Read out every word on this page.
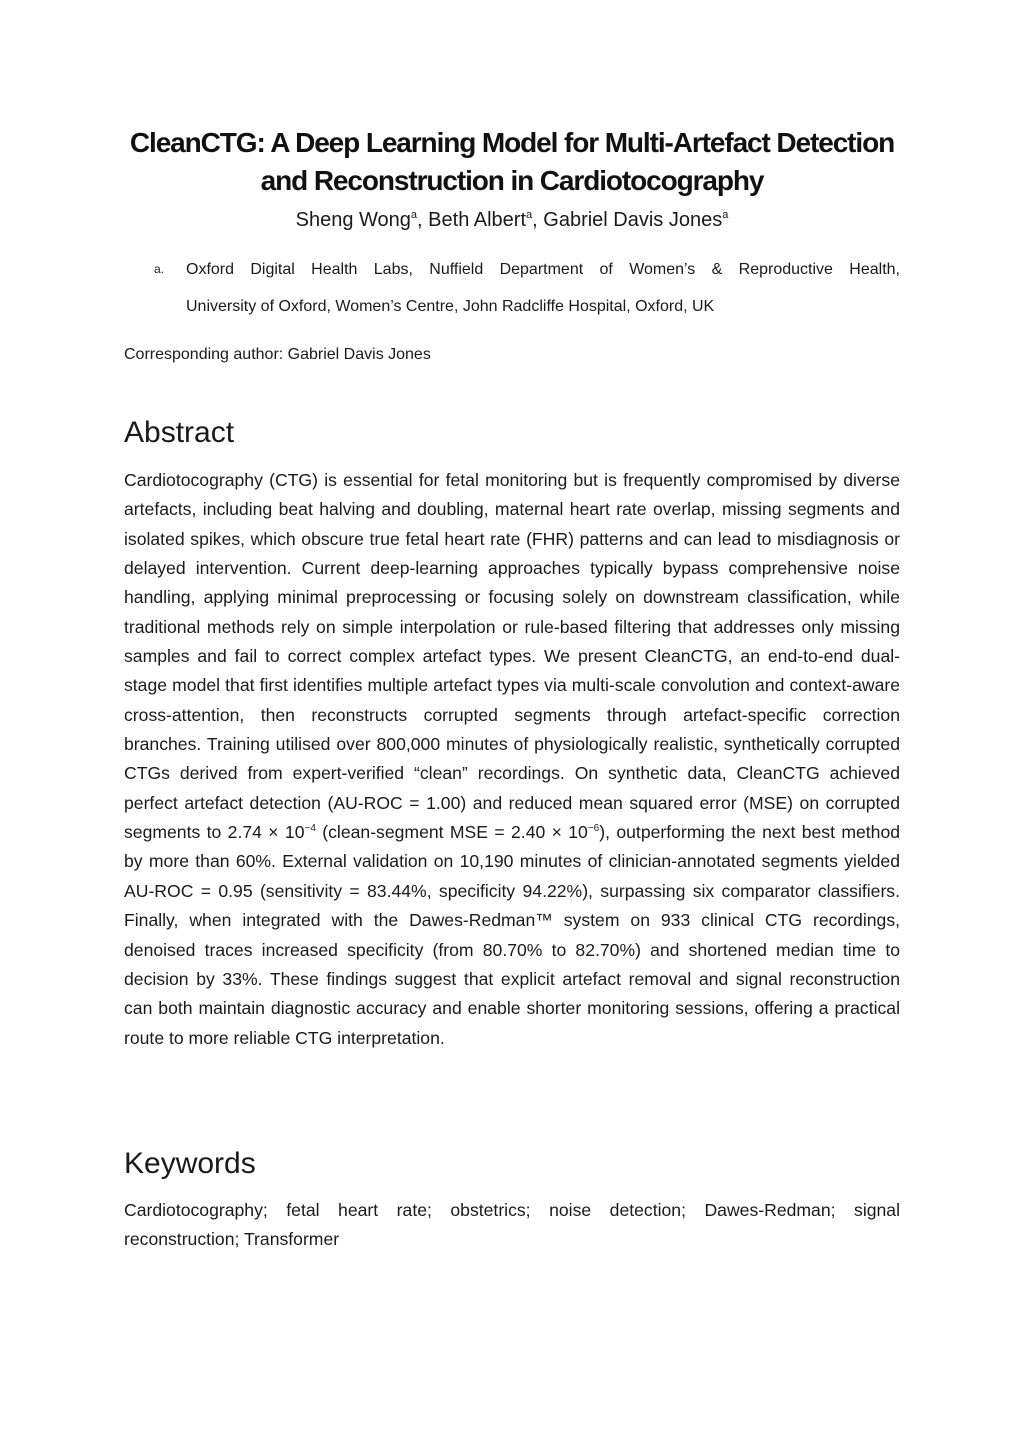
CleanCTG: A Deep Learning Model for Multi-Artefact Detection
and Reconstruction in Cardiotocography
Sheng Wong$^a$, Beth Albert$^a$, Gabriel Davis Jones$^a$
a. Oxford Digital Health Labs, Nuffield Department of Women’s & Reproductive Health,
University of Oxford, Women’s Centre, John Radcliffe Hospital, Oxford, UK
Corresponding author: Gabriel Davis Jones
Abstract

Cardiotocography (CTG) is essential for fetal monitoring but is frequently compromised by diverse artefacts, including beat halving and doubling, maternal heart rate overlap, missing segments and isolated spikes, which obscure true fetal heart rate (FHR) patterns and can lead to misdiagnosis or delayed intervention. Current deep-learning approaches typically bypass comprehensive noise handling, applying minimal preprocessing or focusing solely on downstream classification, while traditional methods rely on simple interpolation or rule-based filtering that addresses only missing samples and fail to correct complex artefact types. We present CleanCTG, an end-to-end dual-stage model that first identifies multiple artefact types via multi-scale convolution and context-aware cross-attention, then reconstructs corrupted segments through artefact-specific correction branches. Training utilised over 800,000 minutes of physiologically realistic, synthetically corrupted CTGs derived from expert-verified “clean” recordings. On synthetic data, CleanCTG achieved perfect artefact detection (AU-ROC = 1.00) and reduced mean squared error (MSE) on corrupted segments to $2.74 \times 10^{-4}$ (clean-segment MSE = $2.40 \times 10^{-6}$), outperforming the next best method by more than 60%. External validation on 10,190 minutes of clinician-annotated segments yielded AU-ROC = 0.95 (sensitivity = 83.44%, specificity 94.22%), surpassing six comparator classifiers. Finally, when integrated with the Dawes-Redman™ system on 933 clinical CTG recordings, denoised traces increased specificity (from 80.70% to 82.70%) and shortened median time to decision by 33%. These findings suggest that explicit artefact removal and signal reconstruction can both maintain diagnostic accuracy and enable shorter monitoring sessions, offering a practical route to more reliable CTG interpretation.

Keywords

Cardiotocography; fetal heart rate; obstetrics; noise detection; Dawes-Redman; signal reconstruction; Transformer
